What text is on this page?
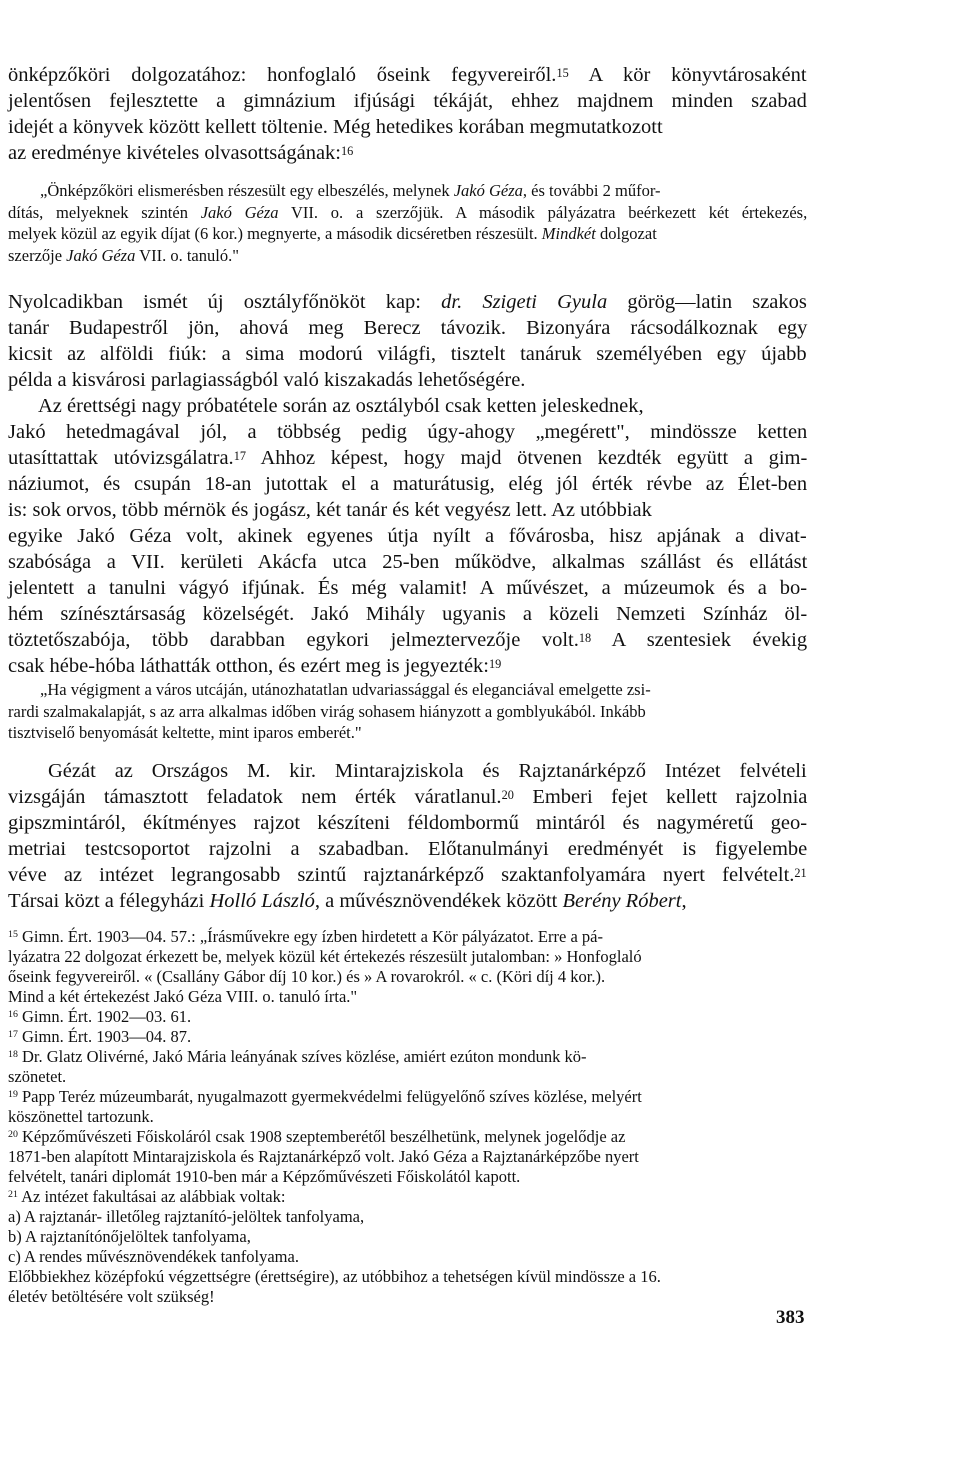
önképzőköri dolgozatához: honfoglaló őseink fegyvereiről.$^{15}$ A kör könyvtárosaként
jelentősen fejlesztette a gimnázium ifjúsági tékáját, ehhez majdnem minden szabad
idejét a könyvek között kellett töltenie. Még hetedikes korában megmutatkozott
az eredménye kivételes olvasottságának:$^{16}$
„Önképzőköri elismerésben részesült egy elbeszélés, melynek Jakó Géza, és további 2 műfor-
dítás, melyeknek szintén Jakó Géza VII. o. a szerzőjük. A második pályázatra beérkezett két értekezés,
melyek közül az egyik díjat (6 kor.) megnyerte, a második dicséretben részesült. Mindkét dolgozat
szerzője Jakó Géza VII. o. tanuló."
Nyolcadikban ismét új osztályfőnököt kap: dr. Szigeti Gyula görög—latin szakos
tanár Budapestről jön, ahová meg Berecz távozik. Bizonyára rácsodálkoznak egy
kicsit az alföldi fiúk: a sima modorú világfi, tisztelt tanáruk személyében egy újabb
példa a kisvárosi parlagiasságból való kiszakadás lehetőségére.
Az érettségi nagy próbatétele során az osztályból csak ketten jeleskednek,
Jakó hetedmagával jól, a többség pedig úgy-ahogy „megérett", mindössze ketten
utasíttattak utóvizsgálatra.$^{17}$ Ahhoz képest, hogy majd ötvenen kezdték együtt a gim-
náziumot, és csupán 18-an jutottak el a maturátusig, elég jól érték révbe az Élet-ben
is: sok orvos, több mérnök és jogász, két tanár és két vegyész lett. Az utóbbiak
egyike Jakó Géza volt, akinek egyenes útja nyílt a fővárosba, hisz apjának a divat-
szabósága a VII. kerületi Akácfa utca 25-ben működve, alkalmas szállást és ellátást
jelentett a tanulni vágyó ifjúnak. És még valamit! A művészet, a múzeumok és a bo-
hém színésztársaság közelségét. Jakó Mihály ugyanis a közeli Nemzeti Színház öl-
töztetőszabója, több darabban egykori jelmeztervezője volt.$^{18}$ A szentesiek évekig
csak hébe-hóba láthatták otthon, és ezért meg is jegyezték:$^{19}$
„Ha végigment a város utcáján, utánozhatatlan udvariassággal és eleganciával emelgette zsi-
rardi szalmakalapját, s az arra alkalmas időben virág sohasem hiányzott a gomblyukából. Inkább
tisztviselő benyomását keltette, mint iparos emberét."
Gézát az Országos M. kir. Mintarajziskola és Rajztanárképző Intézet felvételi
vizsgáján támasztott feladatok nem érték váratlanul.$^{20}$ Emberi fejet kellett rajzolnia
gipszmintáról, ékítményes rajzot készíteni féldombormű mintáról és nagyméretű geo-
metriai testcsoportot rajzolni a szabadban. Előtanulmányi eredményét is figyelembe
véve az intézet legrangosabb szintű rajztanárképző szaktanfolyamára nyert felvételt.$^{21}$
Társai közt a félegyházi Holló László, a művésznövendékek között Berény Róbert,
$^{15}$ Gimn. Ért. 1903—04. 57.: „Írásművekre egy ízben hirdetett a Kör pályázatot. Erre a pá-
lyázatra 22 dolgozat érkezett be, melyek közül két értekezés részesült jutalomban: » Honfoglaló
őseink fegyvereiről. « (Csallány Gábor díj 10 kor.) és » A rovarokról. « c. (Köri díj 4 kor.).
Mind a két értekezést Jakó Géza VIII. o. tanuló írta."
$^{16}$ Gimn. Ért. 1902—03. 61.
$^{17}$ Gimn. Ért. 1903—04. 87.
$^{18}$ Dr. Glatz Olivérné, Jakó Mária leányának szíves közlése, amiért ezúton mondunk kö-
szönetet.
$^{19}$ Papp Teréz múzeumbarát, nyugalmazott gyermekvédelmi felügyelőnő szíves közlése, melyért
köszönettel tartozunk.
$^{20}$ Képzőművészeti Főiskoláról csak 1908 szeptemberétől beszélhetünk, melynek jogelődje az
1871-ben alapított Mintarajziskola és Rajztanárképző volt. Jakó Géza a Rajztanárképzőbe nyert
felvételt, tanári diplomát 1910-ben már a Képzőművészeti Főiskolától kapott.
$^{21}$ Az intézet fakultásai az alábbiak voltak:
a) A rajztanár- illetőleg rajztanító-jelöltek tanfolyama,
b) A rajztanítónőjelöltek tanfolyama,
c) A rendes művésznövendékek tanfolyama.
Előbbiekhez középfokú végzettségre (érettségire), az utóbbihoz a tehetségen kívül mindössze a 16.
életév betöltésére volt szükség!
383
